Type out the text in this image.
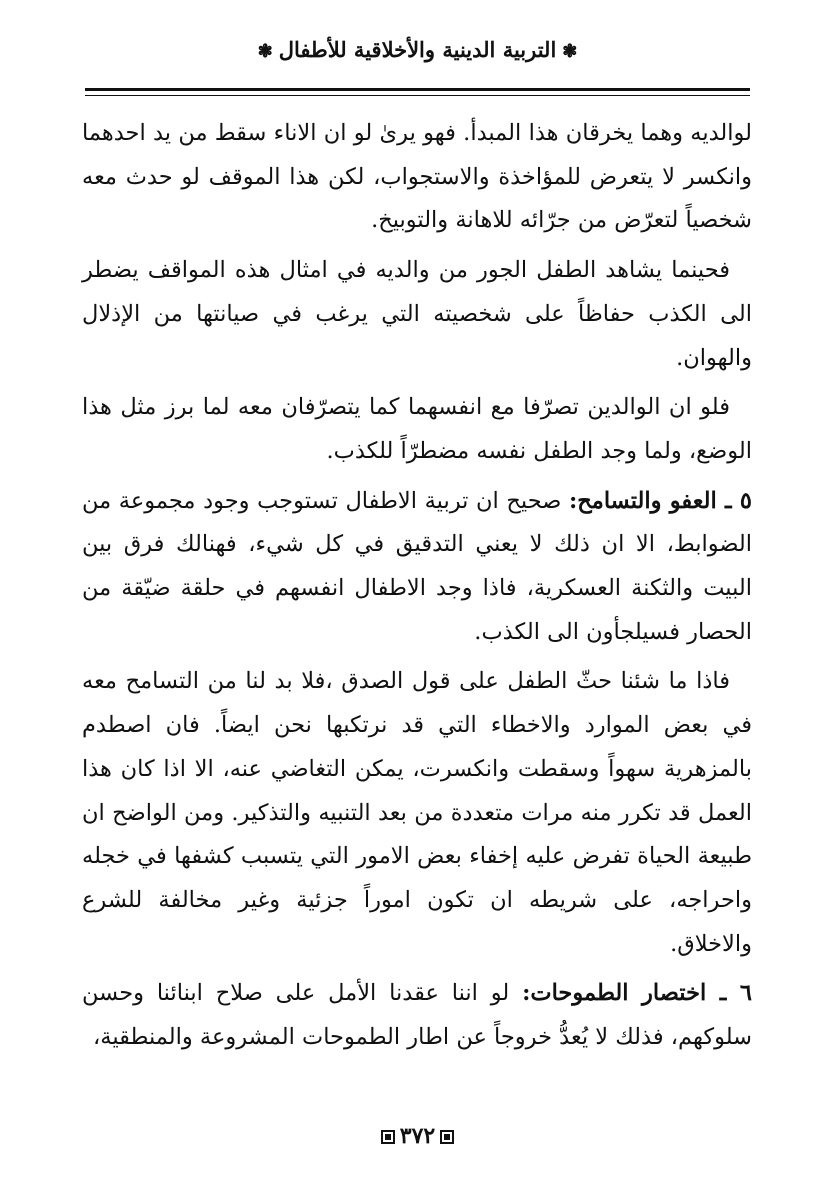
❃ التربية الدينية والأخلاقية للأطفال ❃

لوالديه وهما يخرقان هذا المبدأ. فهو يرىٰ لو ان الاناء سقط من يد احدهما وانكسر لا يتعرض للمؤاخذة والاستجواب، لكن هذا الموقف لو حدث معه شخصياً لتعرّض من جرّائه للاهانة والتوبيخ.

فحينما يشاهد الطفل الجور من والديه في امثال هذه المواقف يضطر الى الكذب حفاظاً على شخصيته التي يرغب في صيانتها من الإذلال والهوان.

فلو ان الوالدين تصرّفا مع انفسهما كما يتصرّفان معه لما برز مثل هذا الوضع، ولما وجد الطفل نفسه مضطرّاً للكذب.

٥ ـ العفو والتسامح: صحيح ان تربية الاطفال تستوجب وجود مجموعة من الضوابط، الا ان ذلك لا يعني التدقيق في كل شيء، فهنالك فرق بين البيت والثكنة العسكرية، فاذا وجد الاطفال انفسهم في حلقة ضيّقة من الحصار فسيلجأون الى الكذب.

فاذا ما شئنا حثّ الطفل على قول الصدق ،فلا بد لنا من التسامح معه في بعض الموارد والاخطاء التي قد نرتكبها نحن ايضاً. فان اصطدم بالمزهرية سهواً وسقطت وانكسرت، يمكن التغاضي عنه، الا اذا كان هذا العمل قد تكرر منه مرات متعددة من بعد التنبيه والتذكير. ومن الواضح ان طبيعة الحياة تفرض عليه إخفاء بعض الامور التي يتسبب كشفها في خجله واحراجه، على شريطه ان تكون اموراً جزئية وغير مخالفة للشرع والاخلاق.

٦ ـ اختصار الطموحات: لو اننا عقدنا الأمل على صلاح ابنائنا وحسن سلوكهم، فذلك لا يُعدُّ خروجاً عن اطار الطموحات المشروعة والمنطقية،

٣٧٢
